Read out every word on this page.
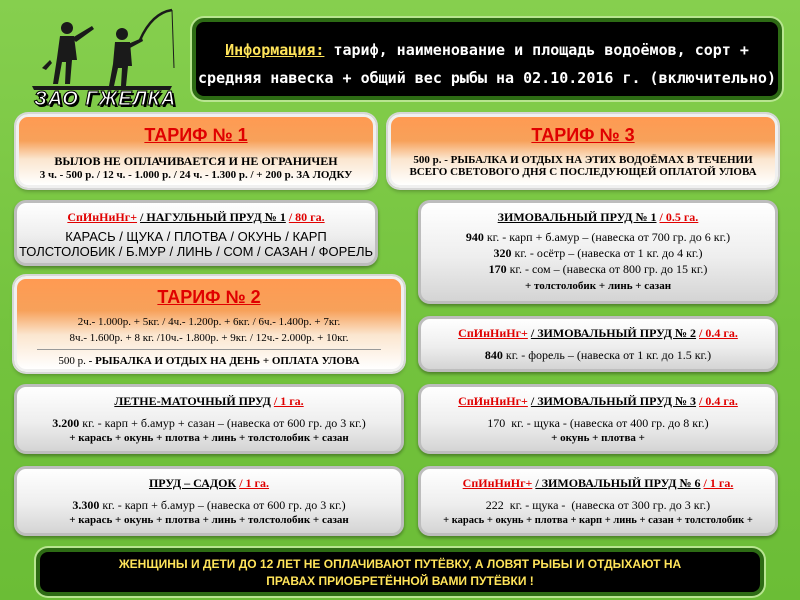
ЗАО ГЖЕЛКА
Информация: тариф, наименование и площадь водоёмов, сорт +
средняя навеска + общий вес рыбы на 02.10.2016 г. (включительно)
ТАРИФ № 1
ВЫЛОВ НЕ ОПЛАЧИВАЕТСЯ И НЕ ОГРАНИЧЕН
3 ч. - 500 р. / 12 ч. - 1.000 р. / 24 ч. - 1.300 р. / + 200 р. ЗА ЛОДКУ
ТАРИФ № 3
500 р. - РЫБАЛКА И ОТДЫХ НА ЭТИХ ВОДОЁМАХ В ТЕЧЕНИИ
ВСЕГО СВЕТОВОГО ДНЯ С ПОСЛЕДУЮЩЕЙ ОПЛАТОЙ УЛОВА
СпИнНиНг+ / НАГУЛЬНЫЙ ПРУД № 1 / 80 га.
КАРАСЬ / ЩУКА / ПЛОТВА / ОКУНЬ / КАРП
ТОЛСТОЛОБИК / Б.МУР / ЛИНЬ / СОМ / САЗАН / ФОРЕЛЬ
ЗИМОВАЛЬНЫЙ ПРУД № 1 / 0.5 га.
940 кг. - карп + б.амур – (навеска от 700 гр. до 6 кг.)
320 кг. - осётр – (навеска от 1 кг. до 4 кг.)
170 кг. - сом – (навеска от 800 гр. до 15 кг.)
+ толстолобик + линь + сазан
ТАРИФ № 2
2ч.- 1.000р. + 5кг. / 4ч.- 1.200р. + 6кг. / 6ч.- 1.400р. + 7кг.
8ч.- 1.600р. + 8 кг. /10ч.- 1.800р. + 9кг. / 12ч.- 2.000р. + 10кг.
500 р. - РЫБАЛКА И ОТДЫХ НА ДЕНЬ + ОПЛАТА УЛОВА
СпИнНиНг+ / ЗИМОВАЛЬНЫЙ ПРУД № 2 / 0.4 га.
840 кг. - форель – (навеска от 1 кг. до 1.5 кг.)
ЛЕТНЕ-МАТОЧНЫЙ ПРУД / 1 га.
3.200 кг. - карп + б.амур + сазан – (навеска от 600 гр. до 3 кг.)
+ карась + окунь + плотва + линь + толстолобик + сазан
СпИнНиНг+ / ЗИМОВАЛЬНЫЙ ПРУД № 3 / 0.4 га.
170  кг. - щука - (навеска от 400 гр. до 8 кг.)
+ окунь + плотва +
ПРУД – САДОК / 1 га.
3.300 кг. - карп + б.амур – (навеска от 600 гр. до 3 кг.)
+ карась + окунь + плотва + линь + толстолобик + сазан
СпИнНиНг+ / ЗИМОВАЛЬНЫЙ ПРУД № 6 / 1 га.
222  кг. - щука -  (навеска от 300 гр. до 3 кг.)
+ карась + окунь + плотва + карп + линь + сазан + толстолобик +
ЖЕНЩИНЫ И ДЕТИ ДО 12 ЛЕТ НЕ ОПЛАЧИВАЮТ ПУТЁВКУ, А ЛОВЯТ РЫБЫ И ОТДЫХАЮТ НА
ПРАВАХ ПРИОБРЕТЁННОЙ ВАМИ ПУТЁВКИ !
